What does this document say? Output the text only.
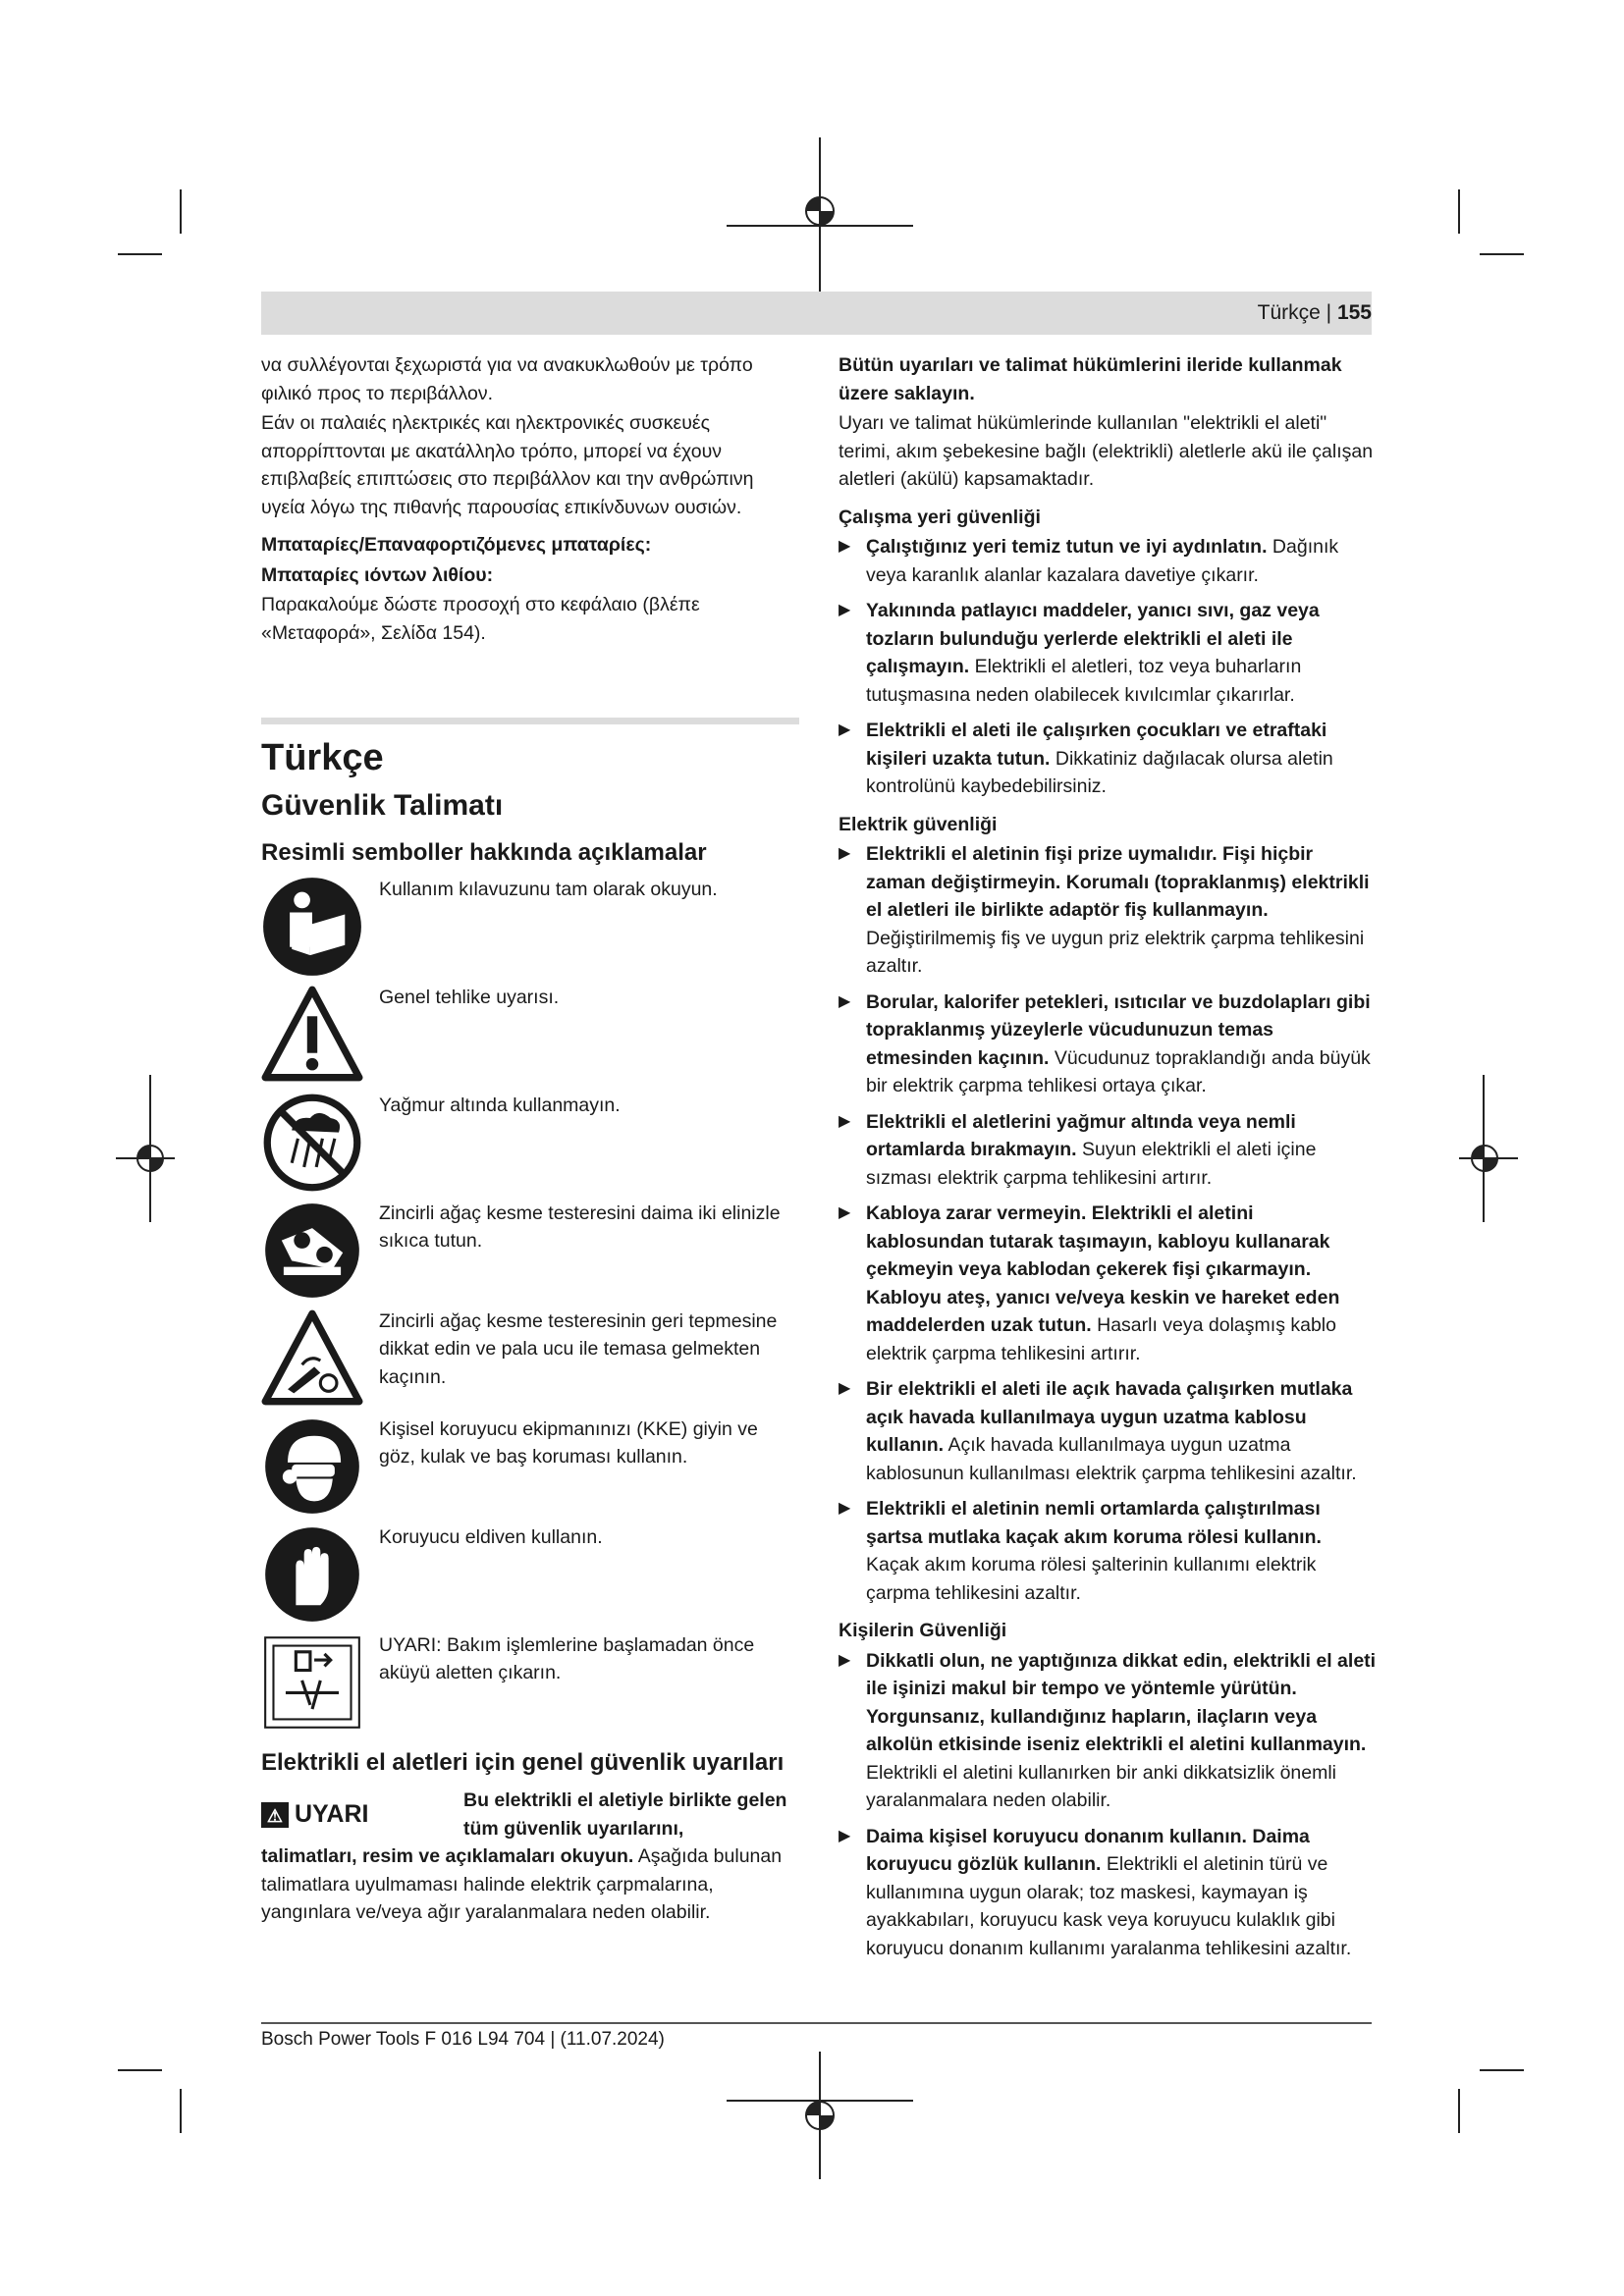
Türkçe | 155

να συλλέγονται ξεχωριστά για να ανακυκλωθούν με τρόπο φιλικό προς το περιβάλλον.

Εάν οι παλαιές ηλεκτρικές και ηλεκτρονικές συσκευές απορρίπτονται με ακατάλληλο τρόπο, μπορεί να έχουν επιβλαβείς επιπτώσεις στο περιβάλλον και την ανθρώπινη υγεία λόγω της πιθανής παρουσίας επικίνδυνων ουσιών.

Μπαταρίες/Επαναφορτιζόμενες μπαταρίες:

Μπαταρίες ιόντων λιθίου:

Παρακαλούμε δώστε προσοχή στο κεφάλαιο (βλέπε «Μεταφορά», Σελίδα 154).

Türkçe
Güvenlik Talimatı
Resimli semboller hakkında açıklamalar
Kullanım kılavuzunu tam olarak okuyun.
Genel tehlike uyarısı.
Yağmur altında kullanmayın.
Zincirli ağaç kesme testeresini daima iki elinizle sıkıca tutun.
Zincirli ağaç kesme testeresinin geri tepmesine dikkat edin ve pala ucu ile temasa gelmekten kaçının.
Kişisel koruyucu ekipmanınızı (KKE) giyin ve göz, kulak ve baş koruması kullanın.
Koruyucu eldiven kullanın.
UYARI: Bakım işlemlerine başlamadan önce aküyü aletten çıkarın.
Elektrikli el aletleri için genel güvenlik uyarıları
⚠ UYARI
Bu elektrikli el aletiyle birlikte gelen tüm güvenlik uyarılarını,

talimatları, resim ve açıklamaları okuyun. Aşağıda bulunan talimatlara uyulmaması halinde elektrik çarpmalarına, yangınlara ve/veya ağır yaralanmalara neden olabilir.

Bütün uyarıları ve talimat hükümlerini ileride kullanmak üzere saklayın.

Uyarı ve talimat hükümlerinde kullanılan "elektrikli el aleti" terimi, akım şebekesine bağlı (elektrikli) aletlerle akü ile çalışan aletleri (akülü) kapsamaktadır.

Çalışma yeri güvenliği

▶ Çalıştığınız yeri temiz tutun ve iyi aydınlatın. Dağınık veya karanlık alanlar kazalara davetiye çıkarır.
▶ Yakınında patlayıcı maddeler, yanıcı sıvı, gaz veya tozların bulunduğu yerlerde elektrikli el aleti ile çalışmayın. Elektrikli el aletleri, toz veya buharların tutuşmasına neden olabilecek kıvılcımlar çıkarırlar.
▶ Elektrikli el aleti ile çalışırken çocukları ve etraftaki kişileri uzakta tutun. Dikkatiniz dağılacak olursa aletin kontrolünü kaybedebilirsiniz.

Elektrik güvenliği

▶ Elektrikli el aletinin fişi prize uymalıdır. Fişi hiçbir zaman değiştirmeyin. Korumalı (topraklanmış) elektrikli el aletleri ile birlikte adaptör fiş kullanmayın. Değiştirilmemiş fiş ve uygun priz elektrik çarpma tehlikesini azaltır.
▶ Borular, kalorifer petekleri, ısıtıcılar ve buzdolapları gibi topraklanmış yüzeylerle vücudunuzun temas etmesinden kaçının. Vücudunuz topraklandığı anda büyük bir elektrik çarpma tehlikesi ortaya çıkar.
▶ Elektrikli el aletlerini yağmur altında veya nemli ortamlarda bırakmayın. Suyun elektrikli el aleti içine sızması elektrik çarpma tehlikesini artırır.
▶ Kabloya zarar vermeyin. Elektrikli el aletini kablosundan tutarak taşımayın, kabloyu kullanarak çekmeyin veya kablodan çekerek fişi çıkarmayın. Kabloyu ateş, yanıcı ve/veya keskin ve hareket eden maddelerden uzak tutun. Hasarlı veya dolaşmış kablo elektrik çarpma tehlikesini artırır.
▶ Bir elektrikli el aleti ile açık havada çalışırken mutlaka açık havada kullanılmaya uygun uzatma kablosu kullanın. Açık havada kullanılmaya uygun uzatma kablosunun kullanılması elektrik çarpma tehlikesini azaltır.
▶ Elektrikli el aletinin nemli ortamlarda çalıştırılması şartsa mutlaka kaçak akım koruma rölesi kullanın. Kaçak akım koruma rölesi şalterinin kullanımı elektrik çarpma tehlikesini azaltır.

Kişilerin Güvenliği

▶ Dikkatli olun, ne yaptığınıza dikkat edin, elektrikli el aleti ile işinizi makul bir tempo ve yöntemle yürütün. Yorgunsanız, kullandığınız hapların, ilaçların veya alkolün etkisinde iseniz elektrikli el aletini kullanmayın. Elektrikli el aletini kullanırken bir anki dikkatsizlik önemli yaralanmalara neden olabilir.
▶ Daima kişisel koruyucu donanım kullanın. Daima koruyucu gözlük kullanın. Elektrikli el aletinin türü ve kullanımına uygun olarak; toz maskesi, kaymayan iş ayakkabıları, koruyucu kask veya koruyucu kulaklık gibi koruyucu donanım kullanımı yaralanma tehlikesini azaltır.
Bosch Power Tools F 016 L94 704 | (11.07.2024)
